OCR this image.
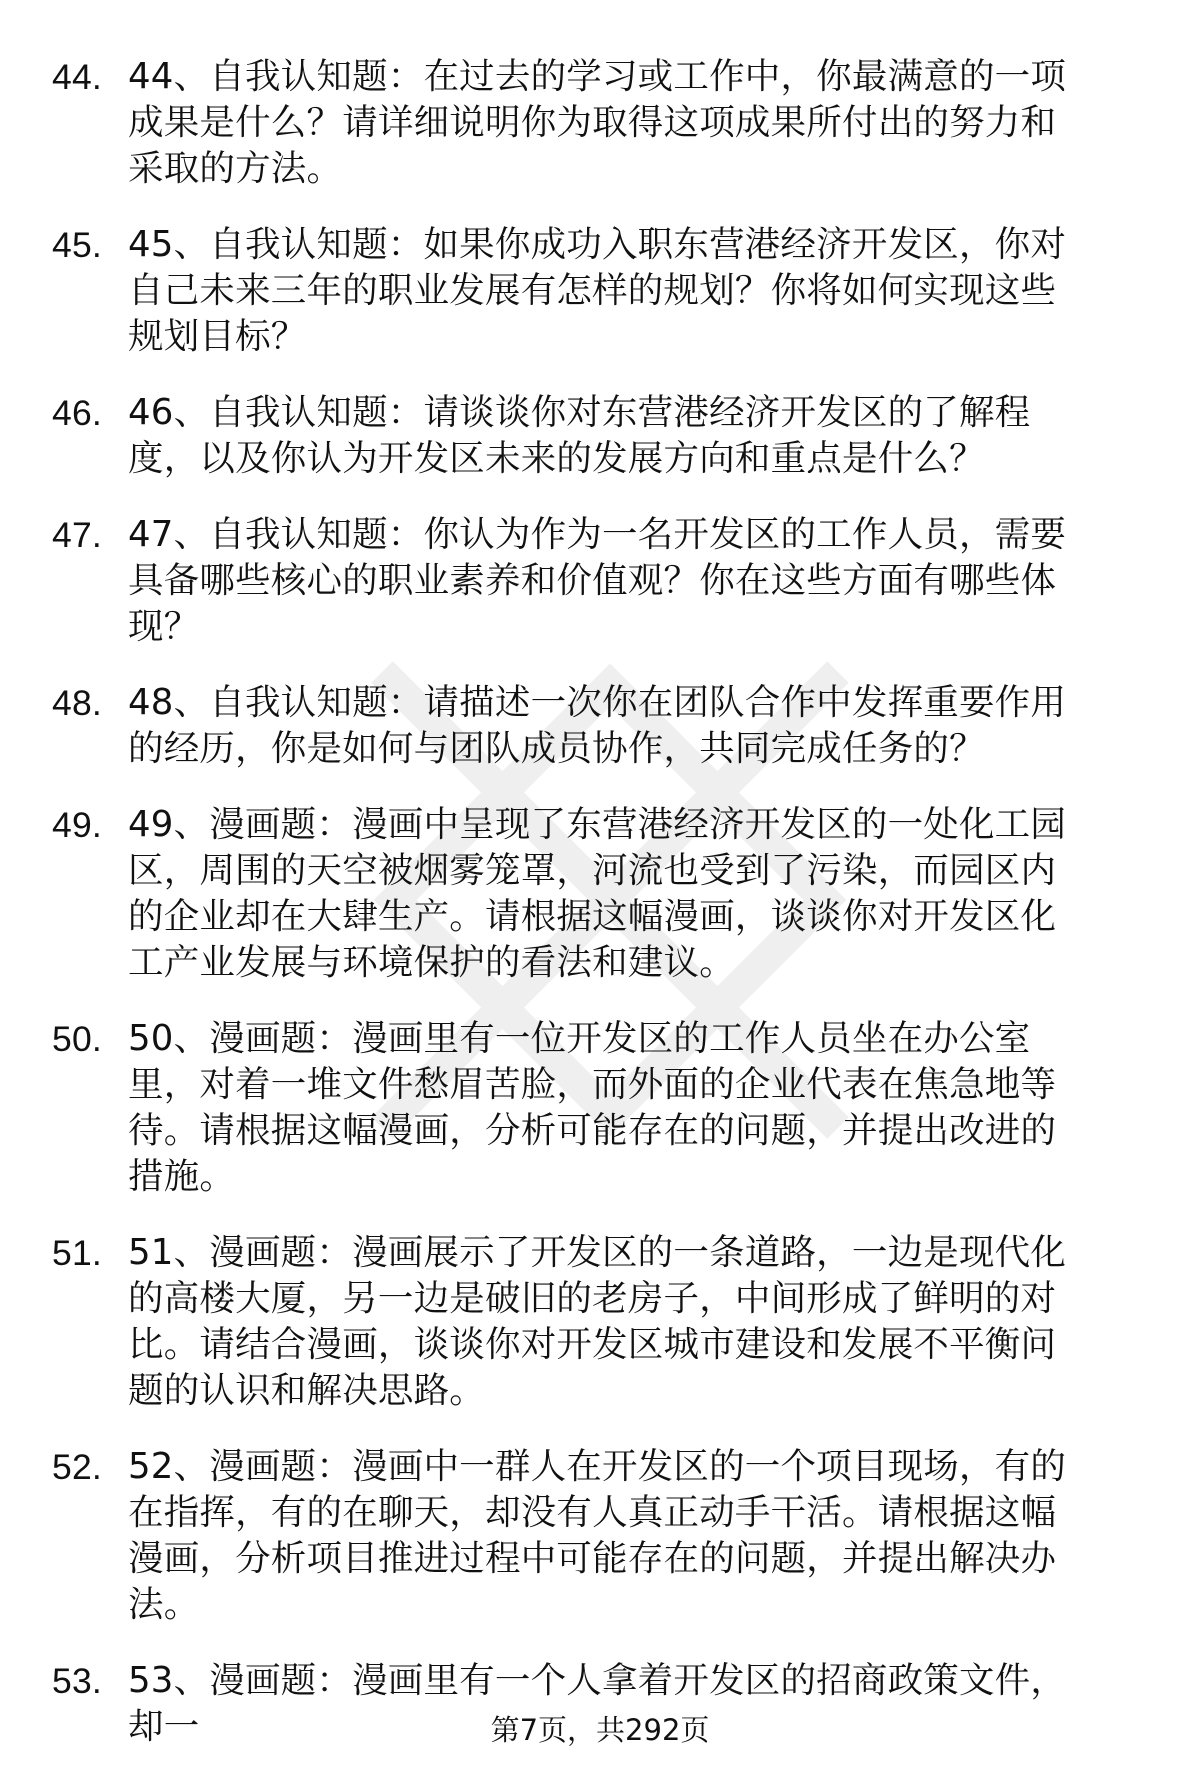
44. 44、自我认知题：在过去的学习或工作中，你最满意的一项成果是什么？请详细说明你为取得这项成果所付出的努力和采取的方法。
45. 45、自我认知题：如果你成功入职东营港经济开发区，你对自己未来三年的职业发展有怎样的规划？你将如何实现这些规划目标？
46. 46、自我认知题：请谈谈你对东营港经济开发区的了解程度，以及你认为开发区未来的发展方向和重点是什么？
47. 47、自我认知题：你认为作为一名开发区的工作人员，需要具备哪些核心的职业素养和价值观？你在这些方面有哪些体现？
48. 48、自我认知题：请描述一次你在团队合作中发挥重要作用的经历，你是如何与团队成员协作，共同完成任务的？
49. 49、漫画题：漫画中呈现了东营港经济开发区的一处化工园区，周围的天空被烟雾笼罩，河流也受到了污染，而园区内的企业却在大肆生产。请根据这幅漫画，谈谈你对开发区化工产业发展与环境保护的看法和建议。
50. 50、漫画题：漫画里有一位开发区的工作人员坐在办公室里，对着一堆文件愁眉苦脸，而外面的企业代表在焦急地等待。请根据这幅漫画，分析可能存在的问题，并提出改进的措施。
51. 51、漫画题：漫画展示了开发区的一条道路，一边是现代化的高楼大厦，另一边是破旧的老房子，中间形成了鲜明的对比。请结合漫画，谈谈你对开发区城市建设和发展不平衡问题的认识和解决思路。
52. 52、漫画题：漫画中一群人在开发区的一个项目现场，有的在指挥，有的在聊天，却没有人真正动手干活。请根据这幅漫画，分析项目推进过程中可能存在的问题，并提出解决办法。
53. 53、漫画题：漫画里有一个人拿着开发区的招商政策文件，却一	第7页，共292页
